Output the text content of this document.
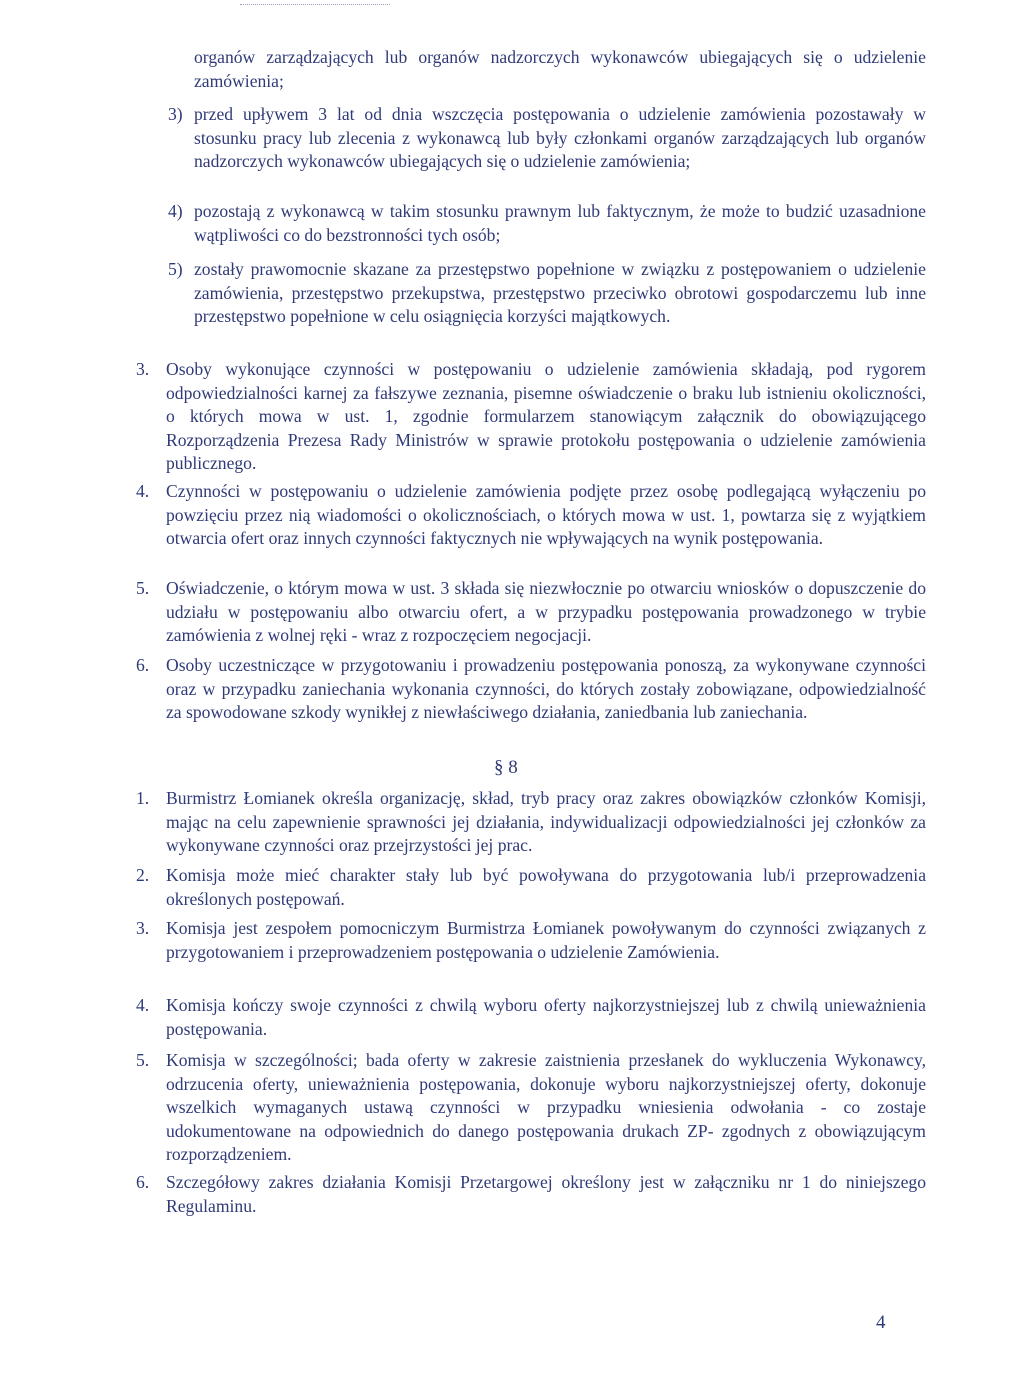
organów zarządzających lub organów nadzorczych wykonawców ubiegających się o udzielenie zamówienia;

3) przed upływem 3 lat od dnia wszczęcia postępowania o udzielenie zamówienia pozostawały w stosunku pracy lub zlecenia z wykonawcą lub były członkami organów zarządzających lub organów nadzorczych wykonawców ubiegających się o udzielenie zamówienia;

4) pozostają z wykonawcą w takim stosunku prawnym lub faktycznym, że może to budzić uzasadnione wątpliwości co do bezstronności tych osób;

5) zostały prawomocnie skazane za przestępstwo popełnione w związku z postępowaniem o udzielenie zamówienia, przestępstwo przekupstwa, przestępstwo przeciwko obrotowi gospodarczemu lub inne przestępstwo popełnione w celu osiągnięcia korzyści majątkowych.

3. Osoby wykonujące czynności w postępowaniu o udzielenie zamówienia składają, pod rygorem odpowiedzialności karnej za fałszywe zeznania, pisemne oświadczenie o braku lub istnieniu okoliczności, o których mowa w ust. 1, zgodnie formularzem stanowiącym załącznik do obowiązującego Rozporządzenia Prezesa Rady Ministrów w sprawie protokołu postępowania o udzielenie zamówienia publicznego.

4. Czynności w postępowaniu o udzielenie zamówienia podjęte przez osobę podlegającą wyłączeniu po powzięciu przez nią wiadomości o okolicznościach, o których mowa w ust. 1, powtarza się z wyjątkiem otwarcia ofert oraz innych czynności faktycznych nie wpływających na wynik postępowania.

5. Oświadczenie, o którym mowa w ust. 3 składa się niezwłocznie po otwarciu wniosków o dopuszczenie do udziału w postępowaniu albo otwarciu ofert, a w przypadku postępowania prowadzonego w trybie zamówienia z wolnej ręki - wraz z rozpoczęciem negocjacji.

6. Osoby uczestniczące w przygotowaniu i prowadzeniu postępowania ponoszą, za wykonywane czynności oraz w przypadku zaniechania wykonania czynności, do których zostały zobowiązane, odpowiedzialność za spowodowane szkody wynikłej z niewłaściwego działania, zaniedbania lub zaniechania.

§ 8

1. Burmistrz Łomianek określa organizację, skład, tryb pracy oraz zakres obowiązków członków Komisji, mając na celu zapewnienie sprawności jej działania, indywidualizacji odpowiedzialności jej członków za wykonywane czynności oraz przejrzystości jej prac.

2. Komisja może mieć charakter stały lub być powoływana do przygotowania lub/i przeprowadzenia określonych postępowań.

3. Komisja jest zespołem pomocniczym Burmistrza Łomianek powoływanym do czynności związanych z przygotowaniem i przeprowadzeniem postępowania o udzielenie Zamówienia.

4. Komisja kończy swoje czynności z chwilą wyboru oferty najkorzystniejszej lub z chwilą unieważnienia postępowania.

5. Komisja w szczególności; bada oferty w zakresie zaistnienia przesłanek do wykluczenia Wykonawcy, odrzucenia oferty, unieważnienia postępowania, dokonuje wyboru najkorzystniejszej oferty, dokonuje wszelkich wymaganych ustawą czynności w przypadku wniesienia odwołania - co zostaje udokumentowane na odpowiednich do danego postępowania drukach ZP- zgodnych z obowiązującym rozporządzeniem.

6. Szczegółowy zakres działania Komisji Przetargowej określony jest w załączniku nr 1 do niniejszego Regulaminu.

4
